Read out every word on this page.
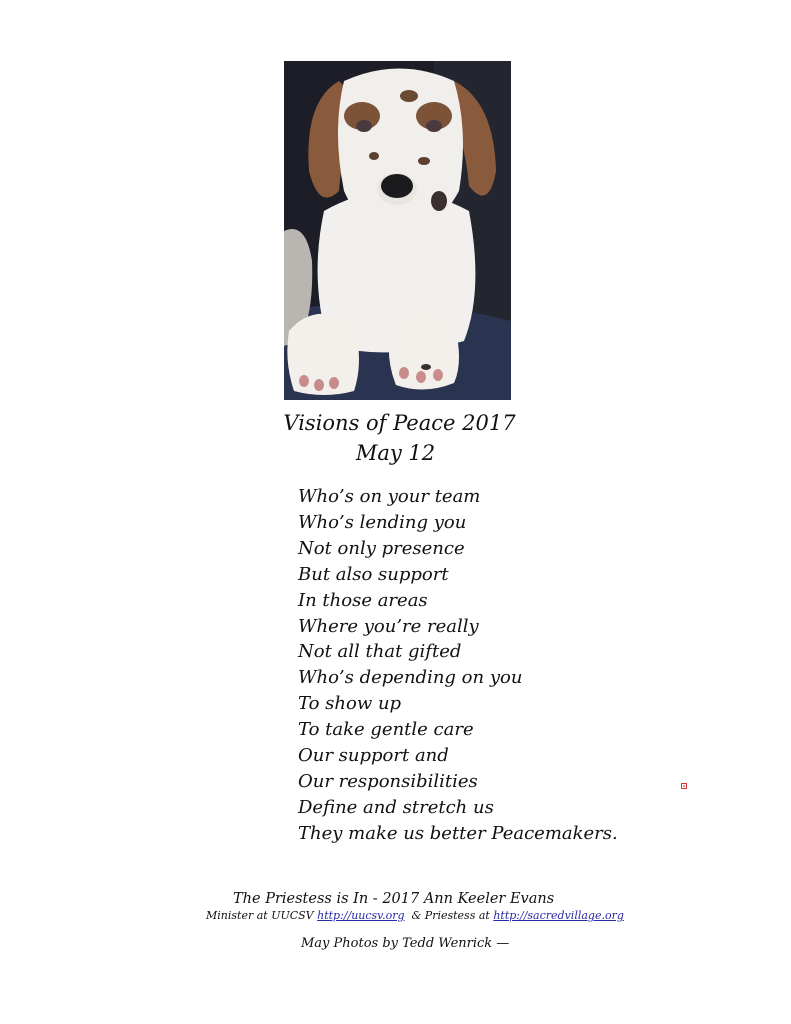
Visions of Peace 2017
May 12
Who’s on your team
Who’s lending you
Not only presence
But also support
In those areas
Where you’re really
Not all that gifted
Who’s depending on you
To show up
To take gentle care
Our support and
Our responsibilities
Define and stretch us
They make us better Peacemakers.
The Priestess is In - 2017 Ann Keeler Evans
Minister at UUCSV http://uucsv.org  & Priestess at http://sacredvillage.org
May Photos by Tedd Wenrick —
